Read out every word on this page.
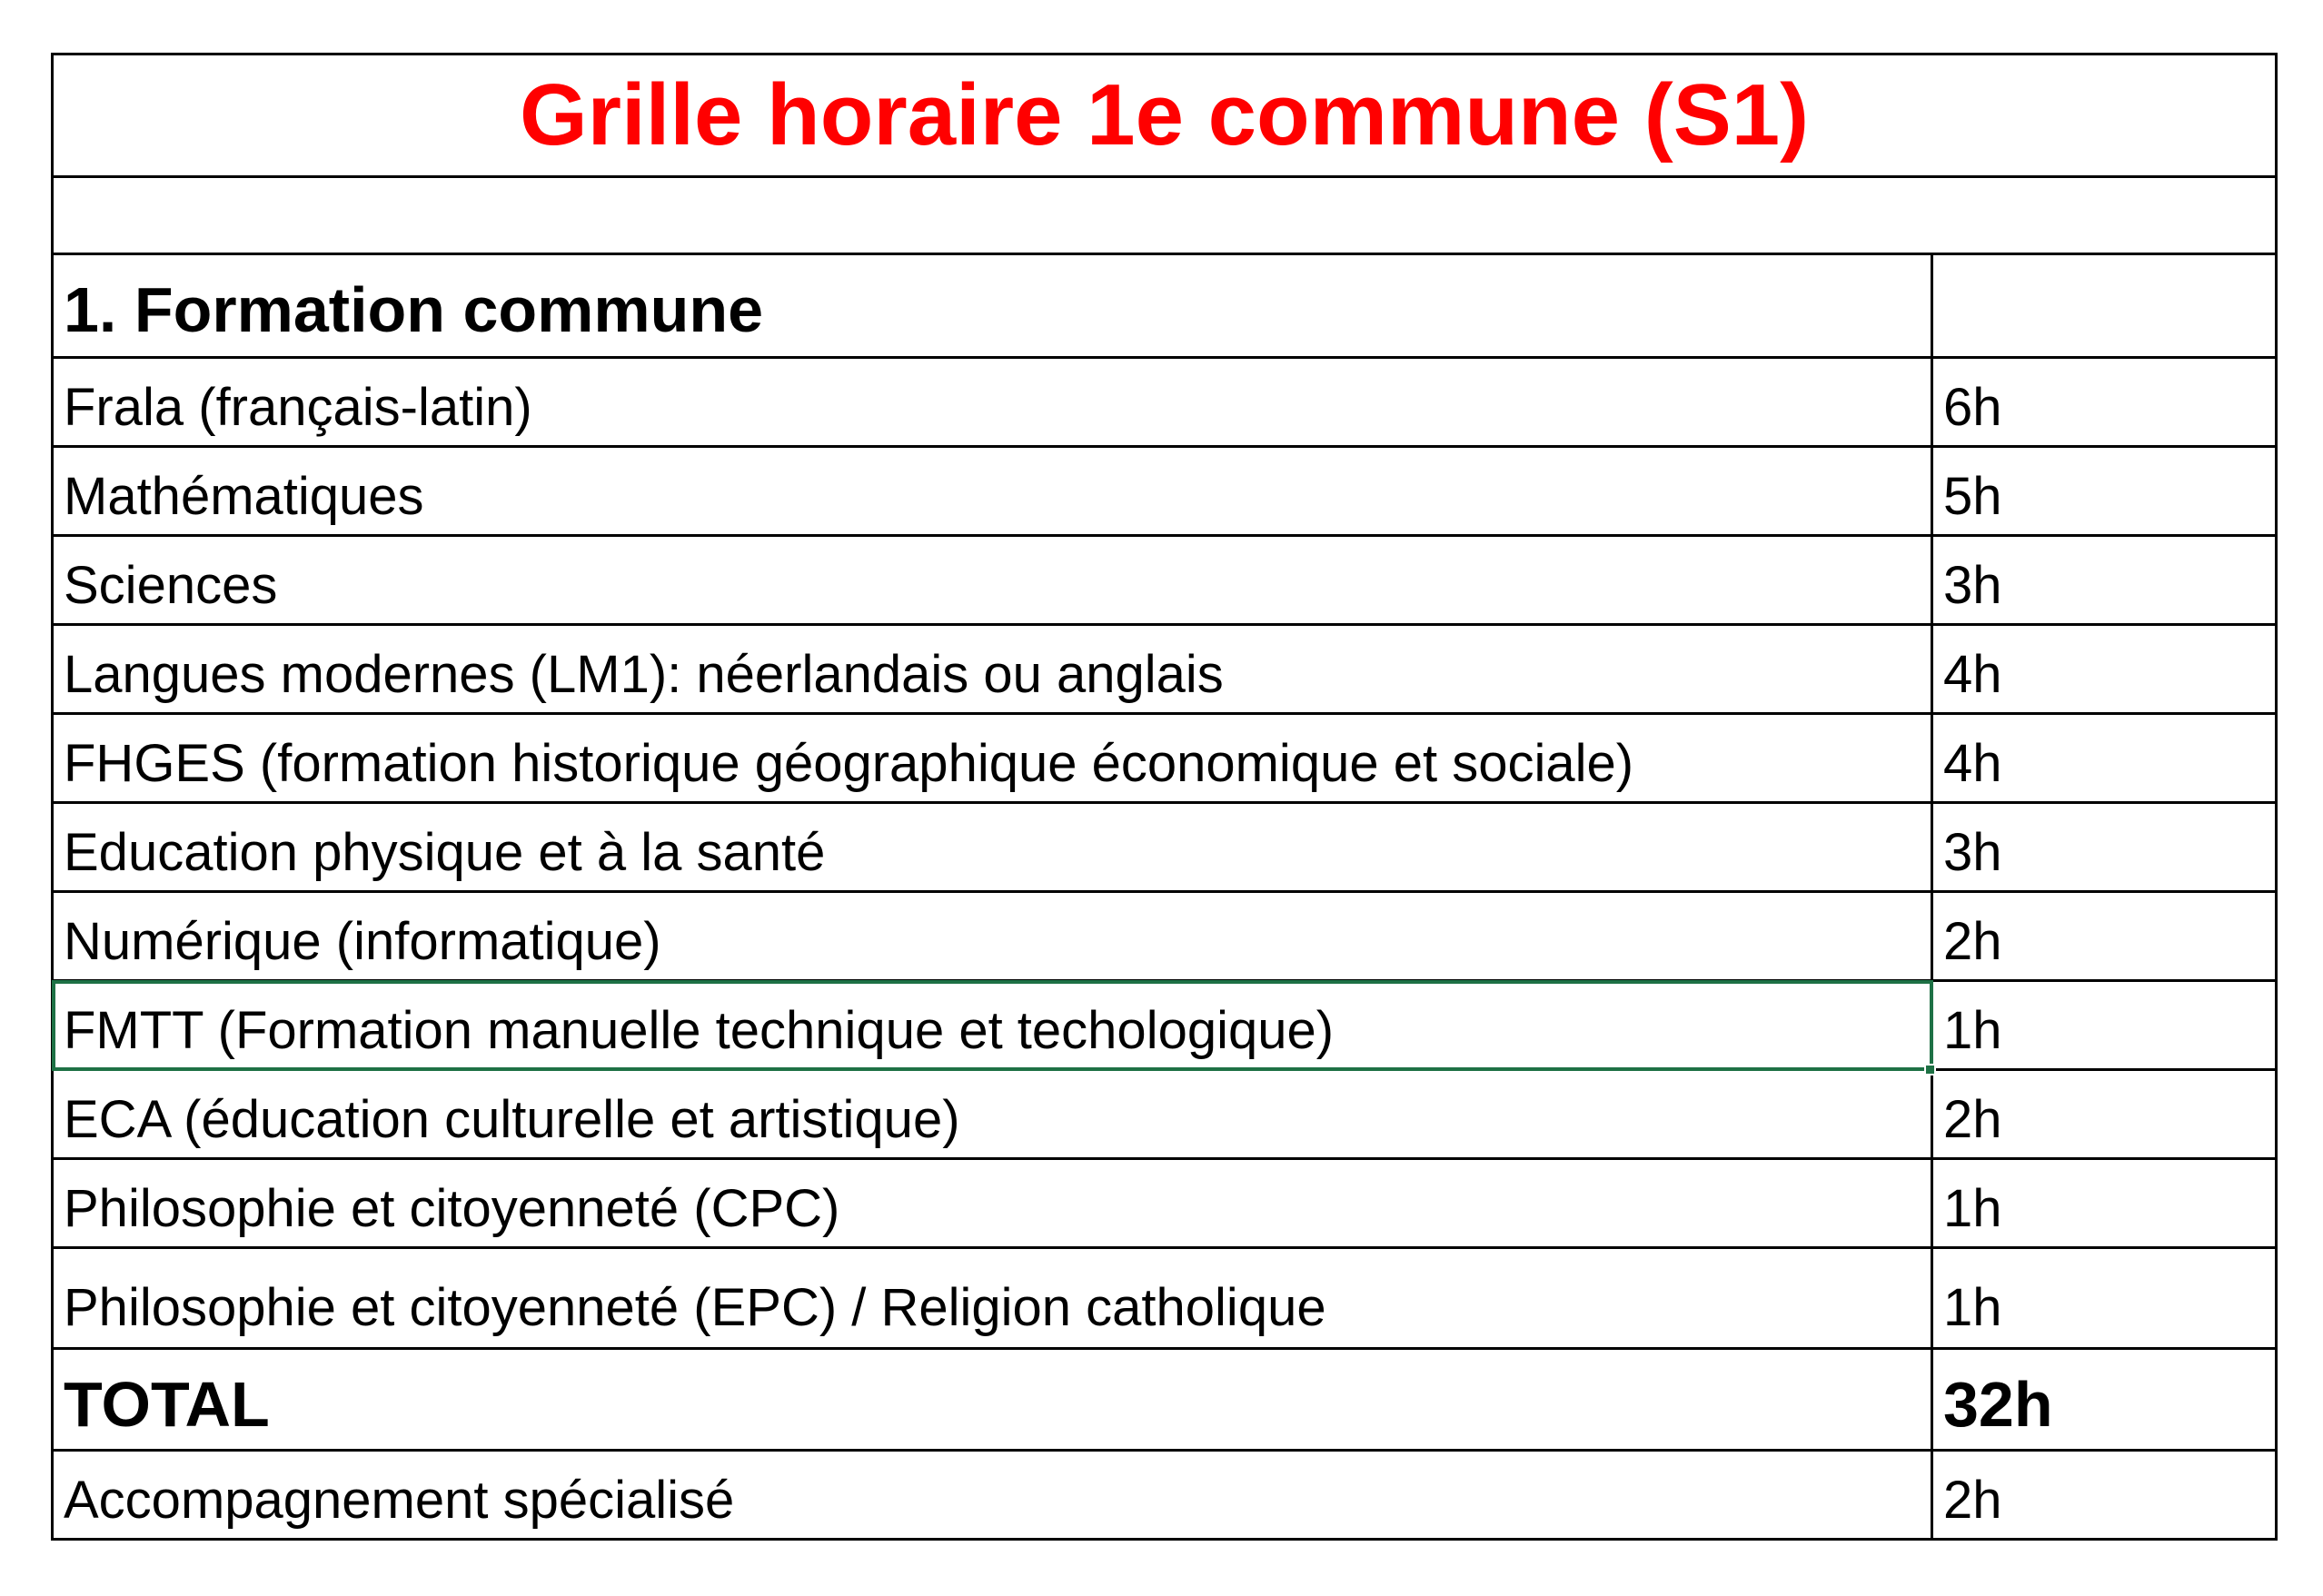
Grille horaire 1e commune (S1)	

1. Formation commune	
Frala (français-latin)	6h
Mathématiques	5h
Sciences	3h
Langues modernes (LM1): néerlandais ou anglais	4h
FHGES (formation historique géographique économique et sociale)	4h
Education physique et à la santé	3h
Numérique (informatique)	2h
FMTT (Formation manuelle technique et techologique)	1h
ECA (éducation culturelle et artistique)	2h
Philosophie et citoyenneté (CPC)	1h
Philosophie et citoyenneté (EPC) / Religion catholique	1h
TOTAL	32h
Accompagnement spécialisé	2h
